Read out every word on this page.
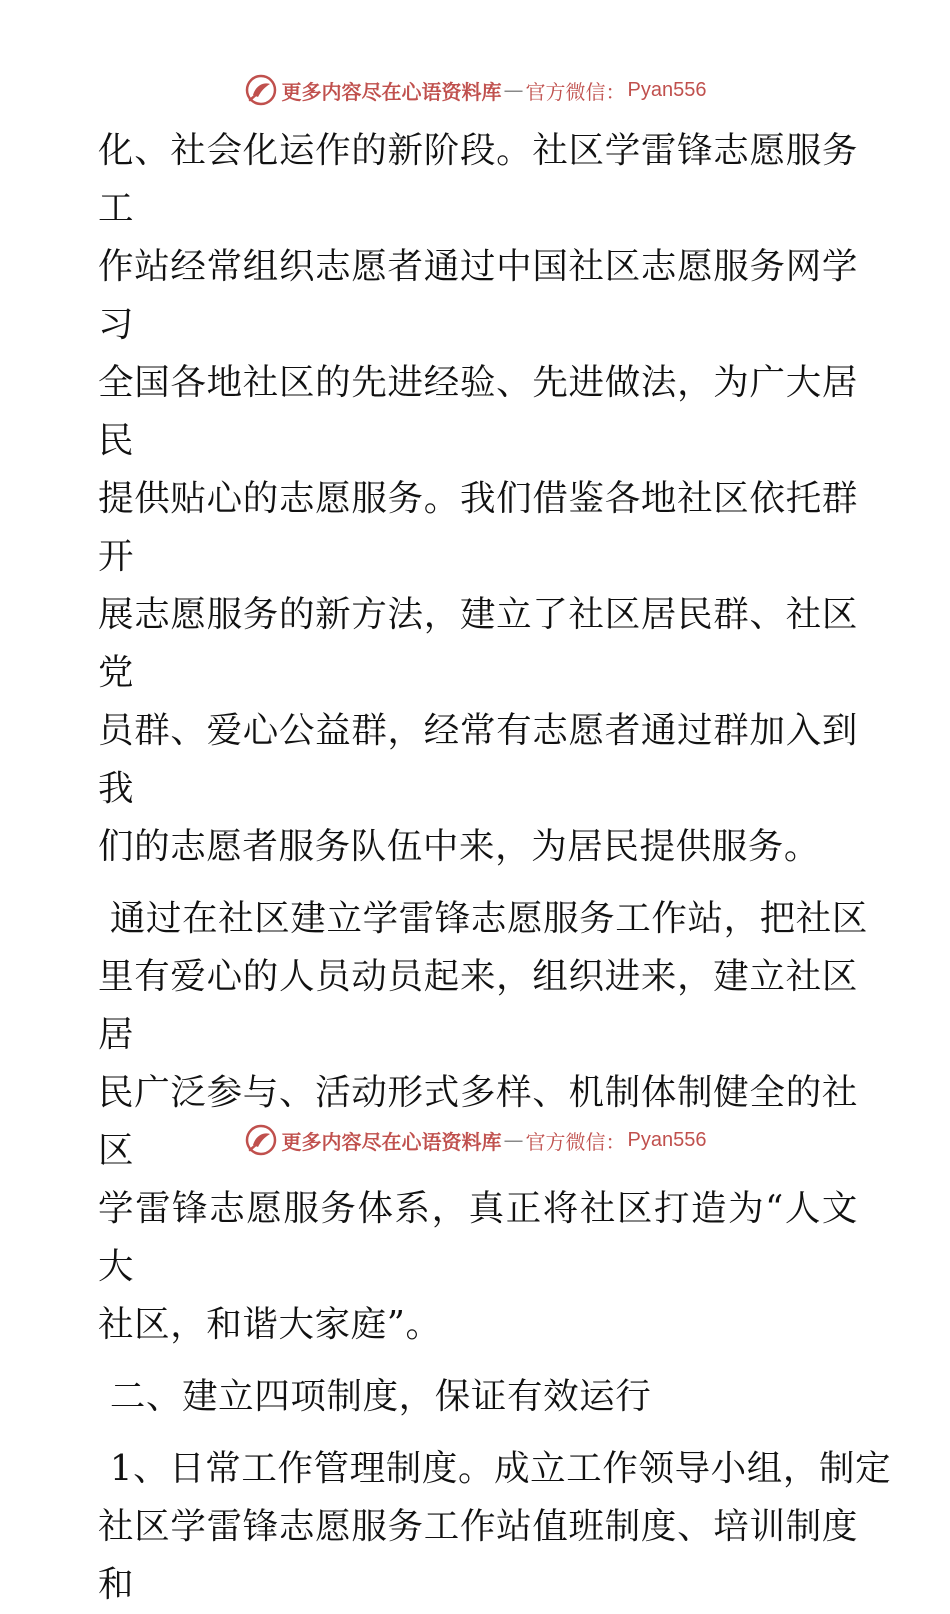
更多内容尽在心语资料库 — 官方微信： Pyan556

化、社会化运作的新阶段。社区学雷锋志愿服务工
作站经常组织志愿者通过中国社区志愿服务网学习
全国各地社区的先进经验、先进做法，为广大居民
提供贴心的志愿服务。我们借鉴各地社区依托群开
展志愿服务的新方法，建立了社区居民群、社区党
员群、爱心公益群，经常有志愿者通过群加入到我
们的志愿者服务队伍中来，为居民提供服务。

通过在社区建立学雷锋志愿服务工作站，把社区
里有爱心的人员动员起来，组织进来，建立社区居
民广泛参与、活动形式多样、机制体制健全的社区
学雷锋志愿服务体系，真正将社区打造为“人文大
社区，和谐大家庭”。

二、建立四项制度，保证有效运行

1、日常工作管理制度。成立工作领导小组，制定
社区学雷锋志愿服务工作站值班制度、培训制度和

更多内容尽在心语资料库 — 官方微信： Pyan556
